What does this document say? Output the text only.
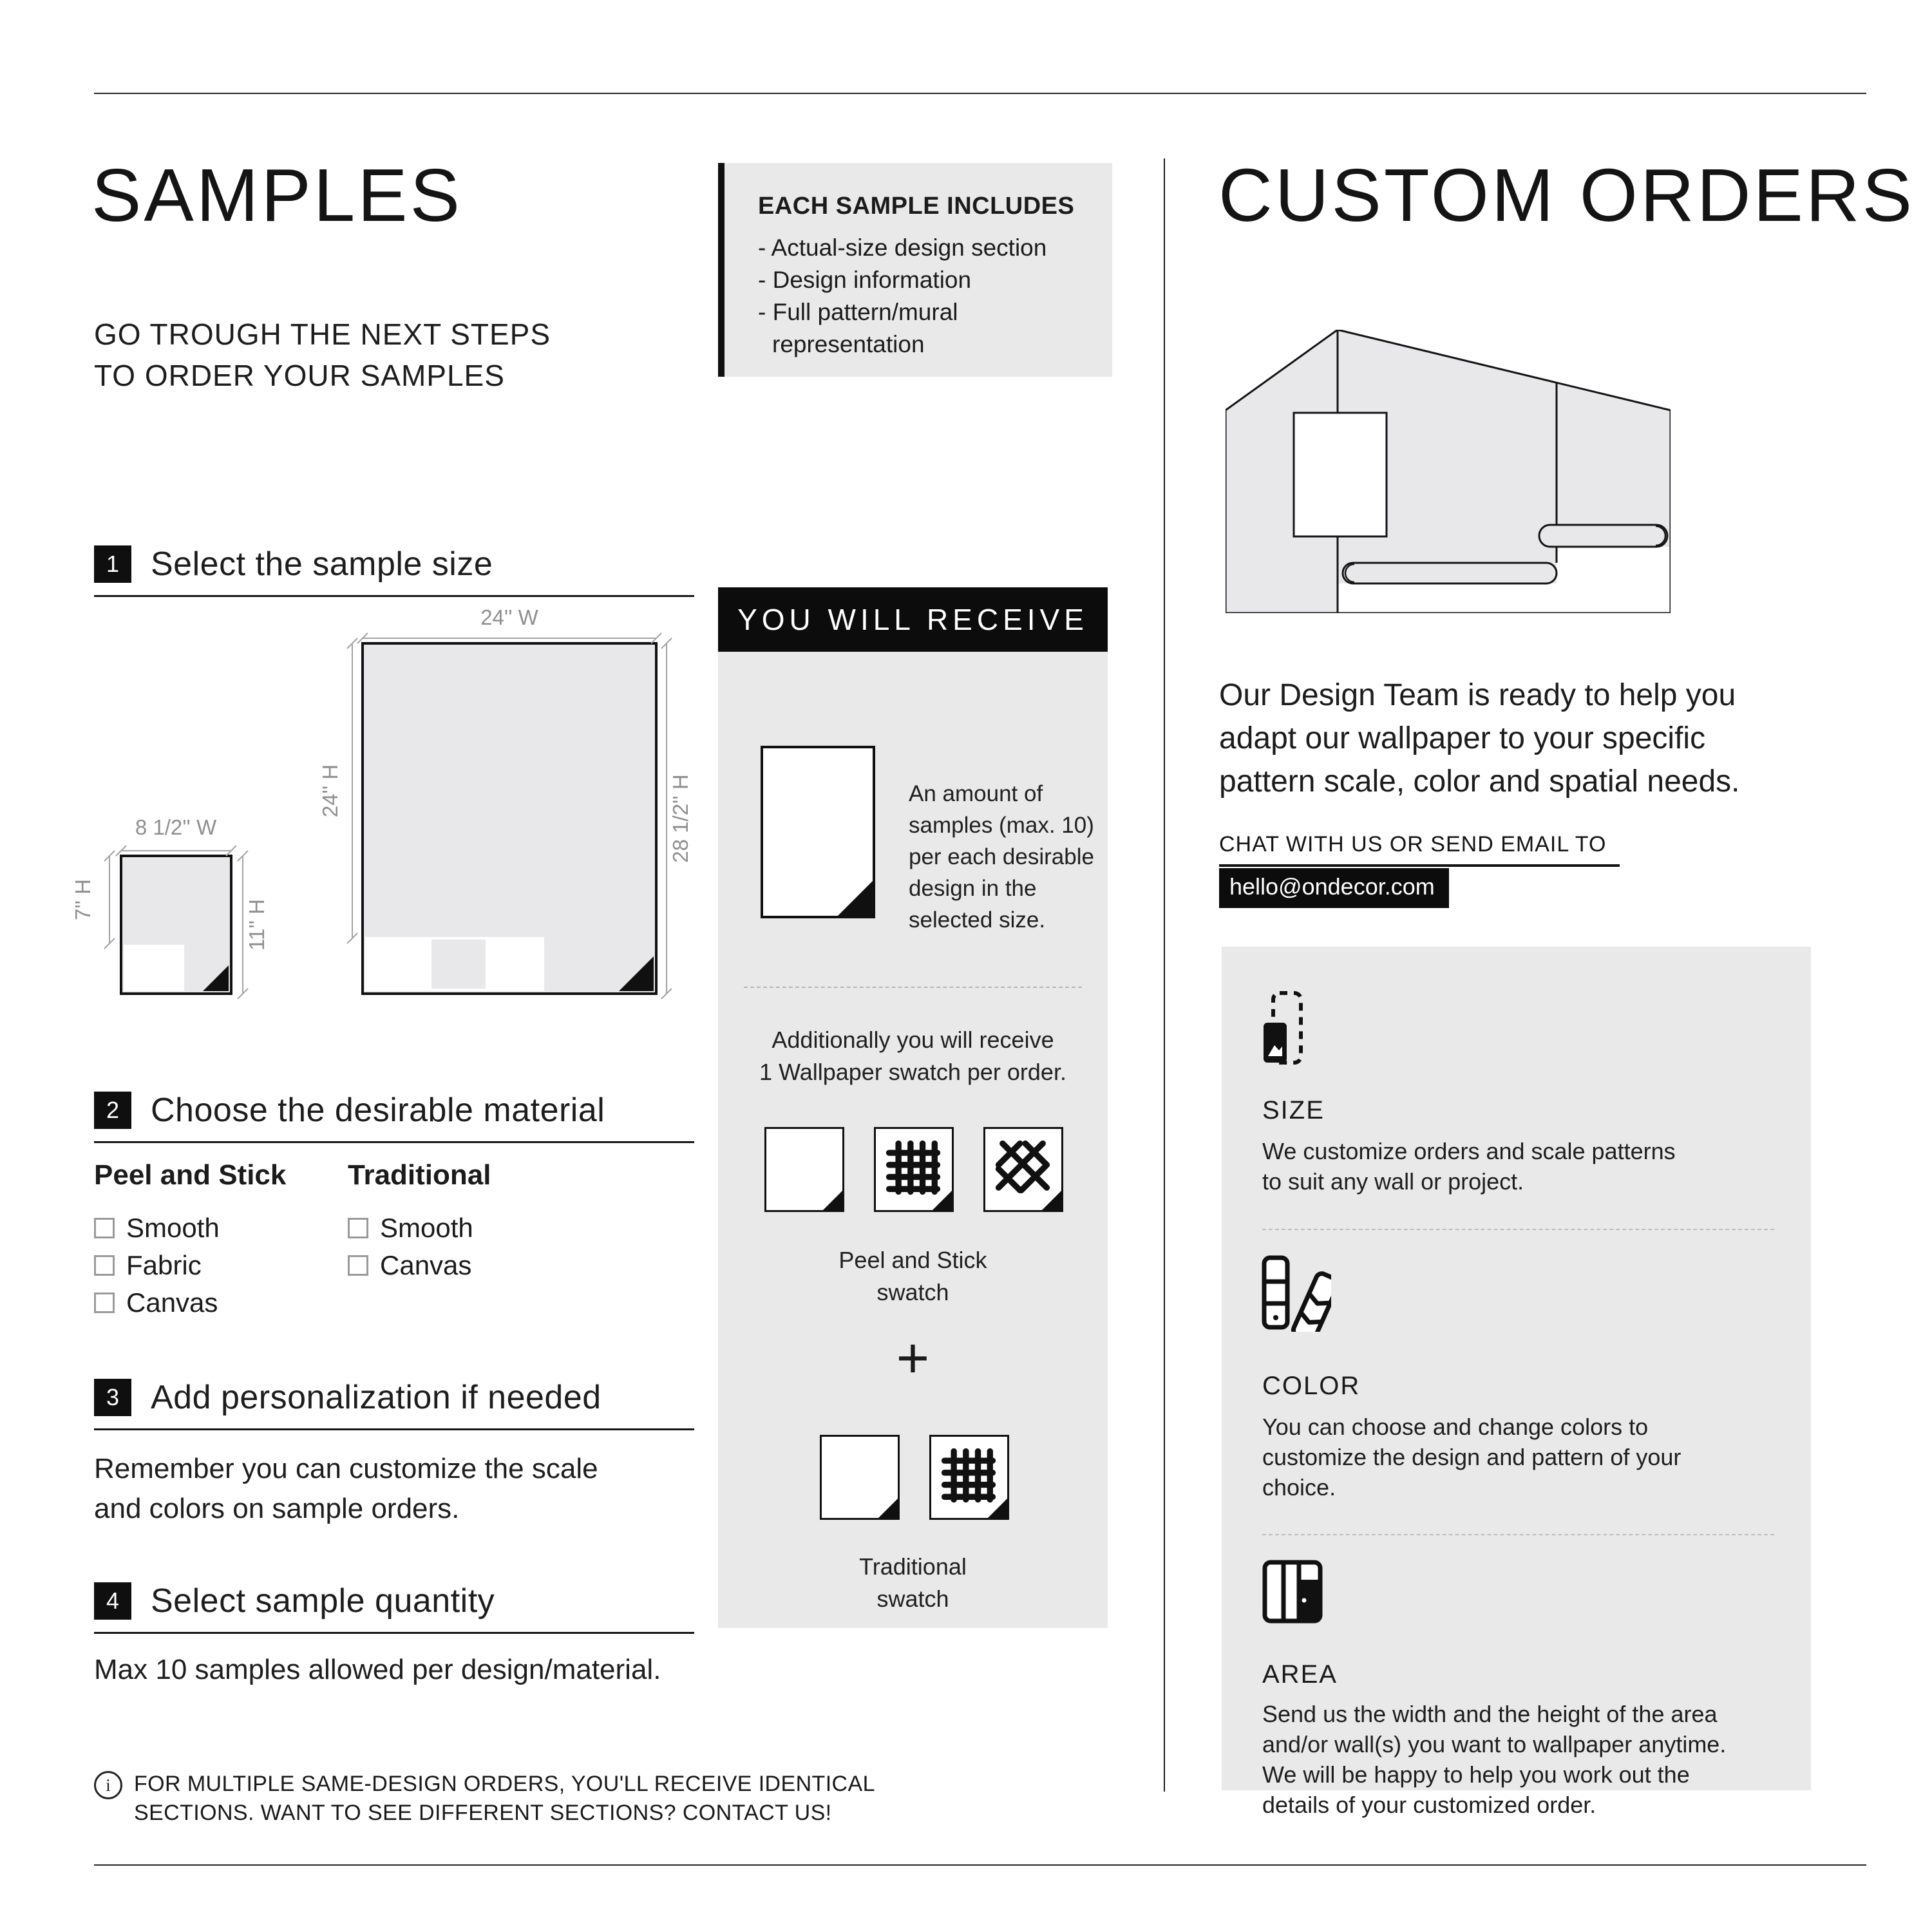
SAMPLES
GO TROUGH THE NEXT STEPS
TO ORDER YOUR SAMPLES
EACH SAMPLE INCLUDES
- Actual-size design section
- Design information
- Full pattern/mural
representation
1 Select the sample size
24'' W
24'' H	28 1/2'' H
8 1/2'' W
7'' H	11'' H
2 Choose the desirable material
Peel and Stick
Smooth
Fabric
Canvas
Traditional
Smooth
Canvas
3 Add personalization if needed
Remember you can customize the scale
and colors on sample orders.
4 Select sample quantity
Max 10 samples allowed per design/material.
i	FOR MULTIPLE SAME-DESIGN ORDERS, YOU'LL RECEIVE IDENTICAL
SECTIONS. WANT TO SEE DIFFERENT SECTIONS? CONTACT US!
YOU WILL RECEIVE
An amount of
samples (max. 10)
per each desirable
design in the
selected size.
Additionally you will receive
1 Wallpaper swatch per order.
Peel and Stick
swatch
+
Traditional
swatch
CUSTOM ORDERS
Our Design Team is ready to help you
adapt our wallpaper to your specific
pattern scale, color and spatial needs.
CHAT WITH US OR SEND EMAIL TO
hello@ondecor.com
SIZE
We customize orders and scale patterns
to suit any wall or project.
COLOR
You can choose and change colors to
customize the design and pattern of your
choice.
AREA
Send us the width and the height of the area
and/or wall(s) you want to wallpaper anytime.
We will be happy to help you work out the
details of your customized order.
